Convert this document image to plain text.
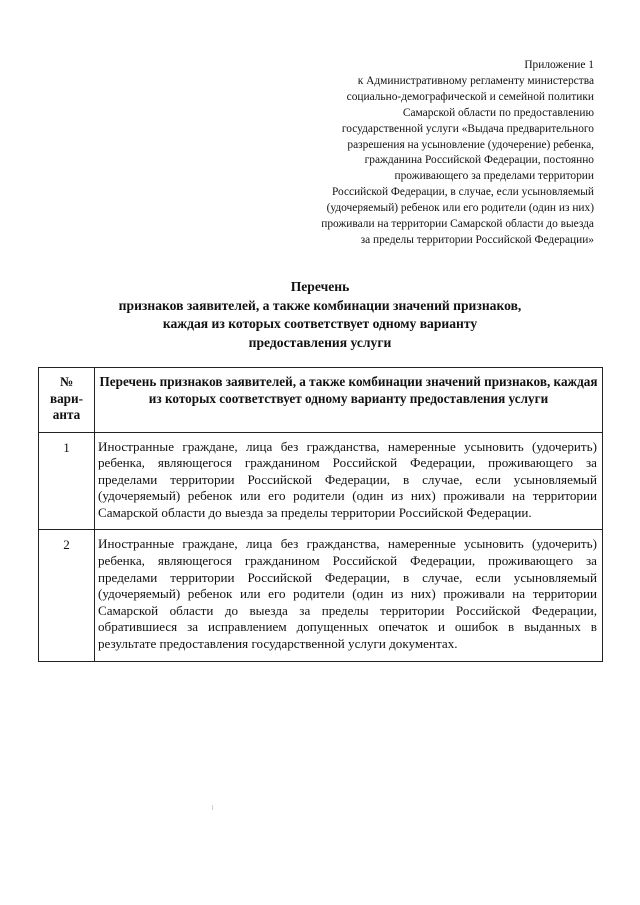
Приложение 1
к Административному регламенту министерства
социально-демографической и семейной политики
Самарской области по предоставлению
государственной услуги «Выдача предварительного
разрешения на усыновление (удочерение) ребенка,
гражданина Российской Федерации, постоянно
проживающего за пределами территории
Российской Федерации, в случае, если усыновляемый
(удочеряемый) ребенок или его родители (один из них)
проживали на территории Самарской области до выезда
за пределы территории Российской Федерации»
Перечень
признаков заявителей, а также комбинации значений признаков,
каждая из которых соответствует одному варианту
предоставления услуги
№
вари-
анта	Перечень признаков заявителей, а также комбинации значений признаков, каждая из которых соответствует одному варианту предоставления услуги
1	Иностранные граждане, лица без гражданства, намеренные усыновить (удочерить) ребенка, являющегося гражданином Российской Федерации, проживающего за пределами территории Российской Федерации, в случае, если усыновляемый (удочеряемый) ребенок или его родители (один из них) проживали на территории Самарской области до выезда за пределы территории Российской Федерации.
2	Иностранные граждане, лица без гражданства, намеренные усыновить (удочерить) ребенка, являющегося гражданином Российской Федерации, проживающего за пределами территории Российской Федерации, в случае, если усыновляемый (удочеряемый) ребенок или его родители (один из них) проживали на территории Самарской области до выезда за пределы территории Российской Федерации, обратившиеся за исправлением допущенных опечаток и ошибок в выданных в результате предоставления государственной услуги документах.
